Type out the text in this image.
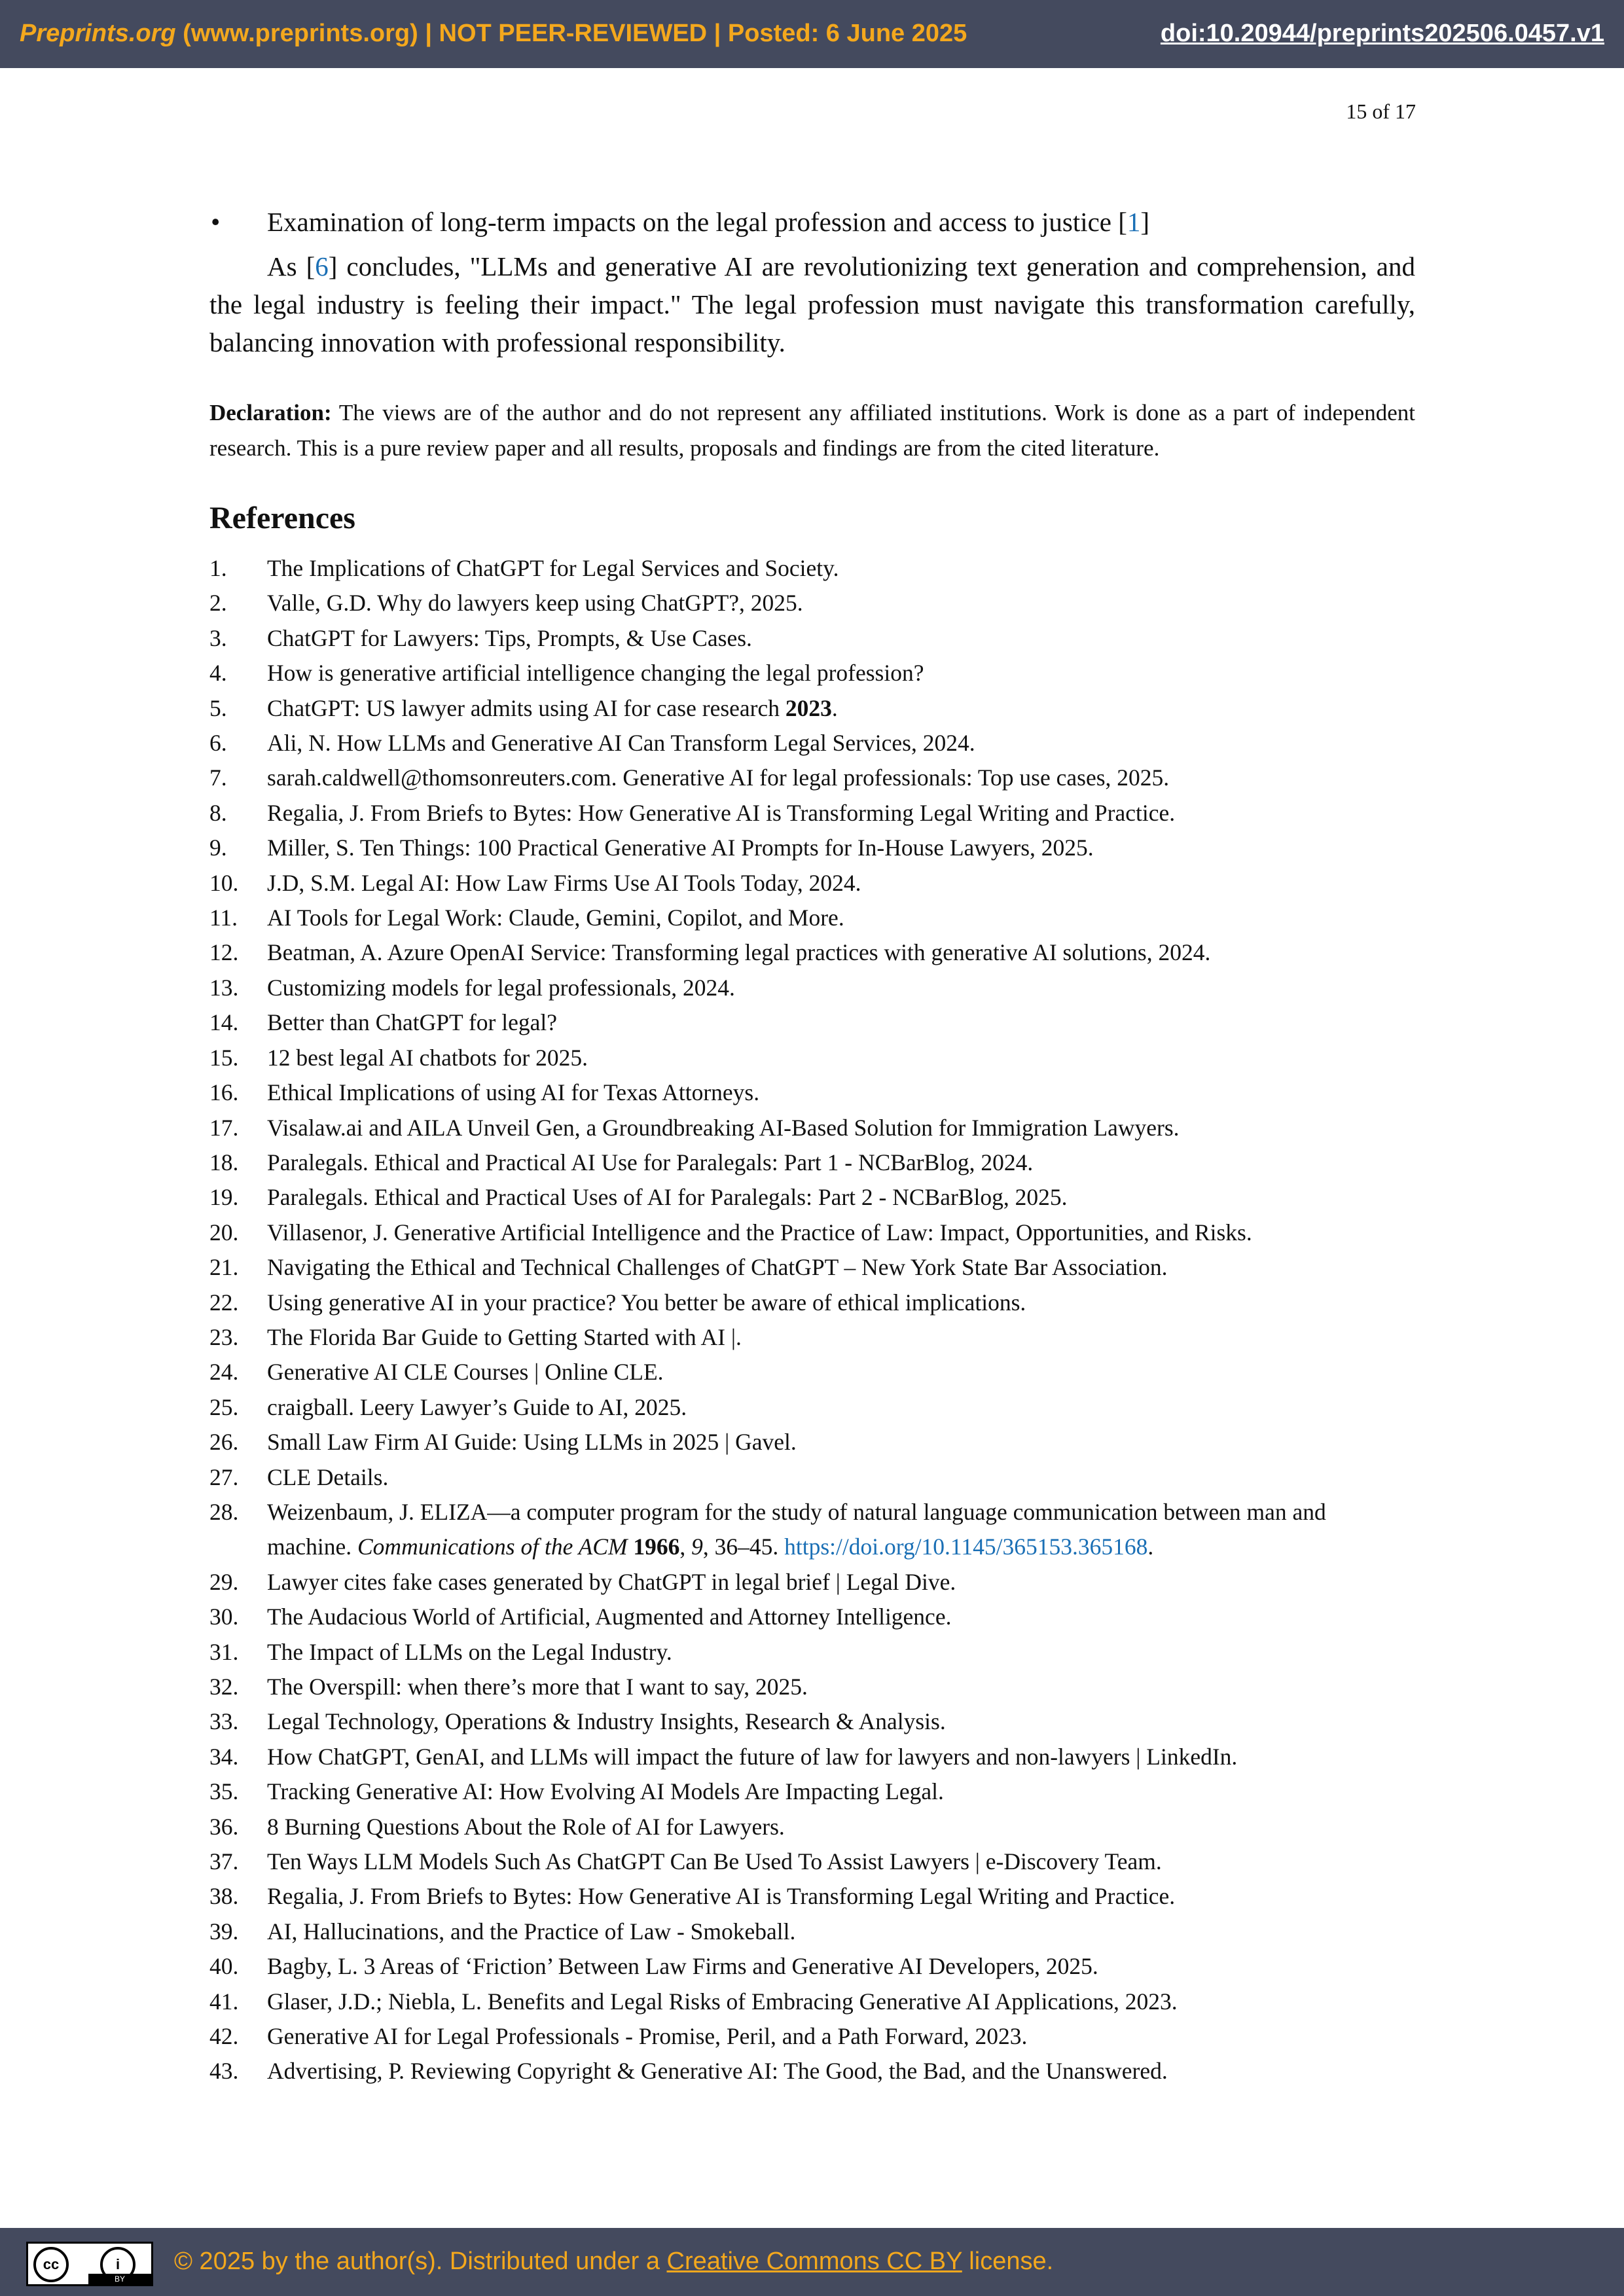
Preprints.org (www.preprints.org) | NOT PEER-REVIEWED | Posted: 6 June 2025	doi:10.20944/preprints202506.0457.v1
15 of 17
• Examination of long-term impacts on the legal profession and access to justice [1]

As [6] concludes, "LLMs and generative AI are revolutionizing text generation and comprehension, and the legal industry is feeling their impact." The legal profession must navigate this transformation carefully, balancing innovation with professional responsibility.

Declaration: The views are of the author and do not represent any affiliated institutions. Work is done as a part of independent research. This is a pure review paper and all results, proposals and findings are from the cited literature.
References
1. The Implications of ChatGPT for Legal Services and Society.
2. Valle, G.D. Why do lawyers keep using ChatGPT?, 2025.
3. ChatGPT for Lawyers: Tips, Prompts, & Use Cases.
4. How is generative artificial intelligence changing the legal profession?
5. ChatGPT: US lawyer admits using AI for case research 2023.
6. Ali, N. How LLMs and Generative AI Can Transform Legal Services, 2024.
7. sarah.caldwell@thomsonreuters.com. Generative AI for legal professionals: Top use cases, 2025.
8. Regalia, J. From Briefs to Bytes: How Generative AI is Transforming Legal Writing and Practice.
9. Miller, S. Ten Things: 100 Practical Generative AI Prompts for In-House Lawyers, 2025.
10. J.D, S.M. Legal AI: How Law Firms Use AI Tools Today, 2024.
11. AI Tools for Legal Work: Claude, Gemini, Copilot, and More.
12. Beatman, A. Azure OpenAI Service: Transforming legal practices with generative AI solutions, 2024.
13. Customizing models for legal professionals, 2024.
14. Better than ChatGPT for legal?
15. 12 best legal AI chatbots for 2025.
16. Ethical Implications of using AI for Texas Attorneys.
17. Visalaw.ai and AILA Unveil Gen, a Groundbreaking AI-Based Solution for Immigration Lawyers.
18. Paralegals. Ethical and Practical AI Use for Paralegals: Part 1 - NCBarBlog, 2024.
19. Paralegals. Ethical and Practical Uses of AI for Paralegals: Part 2 - NCBarBlog, 2025.
20. Villasenor, J. Generative Artificial Intelligence and the Practice of Law: Impact, Opportunities, and Risks.
21. Navigating the Ethical and Technical Challenges of ChatGPT – New York State Bar Association.
22. Using generative AI in your practice? You better be aware of ethical implications.
23. The Florida Bar Guide to Getting Started with AI |.
24. Generative AI CLE Courses | Online CLE.
25. craigball. Leery Lawyer’s Guide to AI, 2025.
26. Small Law Firm AI Guide: Using LLMs in 2025 | Gavel.
27. CLE Details.
28. Weizenbaum, J. ELIZA—a computer program for the study of natural language communication between man and machine. Communications of the ACM 1966, 9, 36–45. https://doi.org/10.1145/365153.365168.
29. Lawyer cites fake cases generated by ChatGPT in legal brief | Legal Dive.
30. The Audacious World of Artificial, Augmented and Attorney Intelligence.
31. The Impact of LLMs on the Legal Industry.
32. The Overspill: when there’s more that I want to say, 2025.
33. Legal Technology, Operations & Industry Insights, Research & Analysis.
34. How ChatGPT, GenAI, and LLMs will impact the future of law for lawyers and non-lawyers | LinkedIn.
35. Tracking Generative AI: How Evolving AI Models Are Impacting Legal.
36. 8 Burning Questions About the Role of AI for Lawyers.
37. Ten Ways LLM Models Such As ChatGPT Can Be Used To Assist Lawyers | e-Discovery Team.
38. Regalia, J. From Briefs to Bytes: How Generative AI is Transforming Legal Writing and Practice.
39. AI, Hallucinations, and the Practice of Law - Smokeball.
40. Bagby, L. 3 Areas of ‘Friction’ Between Law Firms and Generative AI Developers, 2025.
41. Glaser, J.D.; Niebla, L. Benefits and Legal Risks of Embracing Generative AI Applications, 2023.
42. Generative AI for Legal Professionals - Promise, Peril, and a Path Forward, 2023.
43. Advertising, P. Reviewing Copyright & Generative AI: The Good, the Bad, and the Unanswered.
cc	i
BY
© 2025 by the author(s). Distributed under a Creative Commons CC BY license.
